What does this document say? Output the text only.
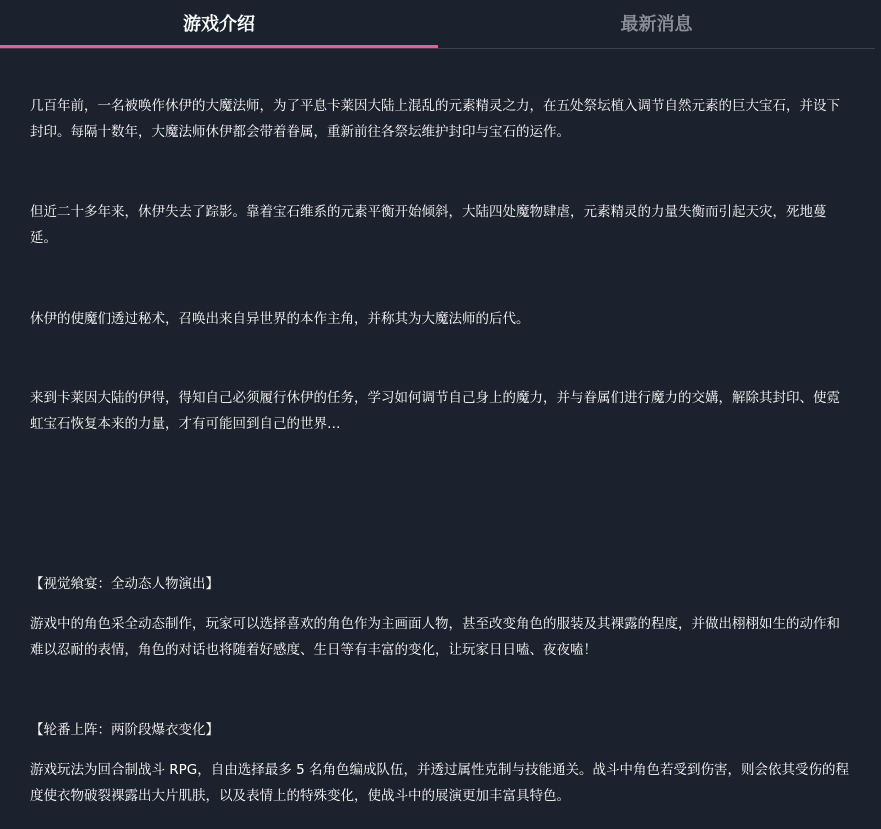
游戏介绍	最新消息

几百年前，一名被唤作休伊的大魔法师，为了平息卡莱因大陆上混乱的元素精灵之力，在五处祭坛植入调节自然元素的巨大宝石，并设下封印。每隔十数年，大魔法师休伊都会带着眷属，重新前往各祭坛维护封印与宝石的运作。

但近二十多年来，休伊失去了踪影。靠着宝石维系的元素平衡开始倾斜，大陆四处魔物肆虐，元素精灵的力量失衡而引起天灾，死地蔓延。

休伊的使魔们透过秘术，召唤出来自异世界的本作主角，并称其为大魔法师的后代。

来到卡莱因大陆的伊得，得知自己必须履行休伊的任务，学习如何调节自己身上的魔力，并与眷属们进行魔力的交媾，解除其封印、使霓虹宝石恢复本来的力量，才有可能回到自己的世界…

【视觉飨宴：全动态人物演出】

游戏中的角色采全动态制作，玩家可以选择喜欢的角色作为主画面人物，甚至改变角色的服装及其裸露的程度，并做出栩栩如生的动作和难以忍耐的表情，角色的对话也将随着好感度、生日等有丰富的变化，让玩家日日嗑、夜夜嗑！

【轮番上阵：两阶段爆衣变化】

游戏玩法为回合制战斗 RPG，自由选择最多 5 名角色编成队伍，并透过属性克制与技能通关。战斗中角色若受到伤害，则会依其受伤的程度使衣物破裂裸露出大片肌肤，以及表情上的特殊变化，使战斗中的展演更加丰富具特色。
